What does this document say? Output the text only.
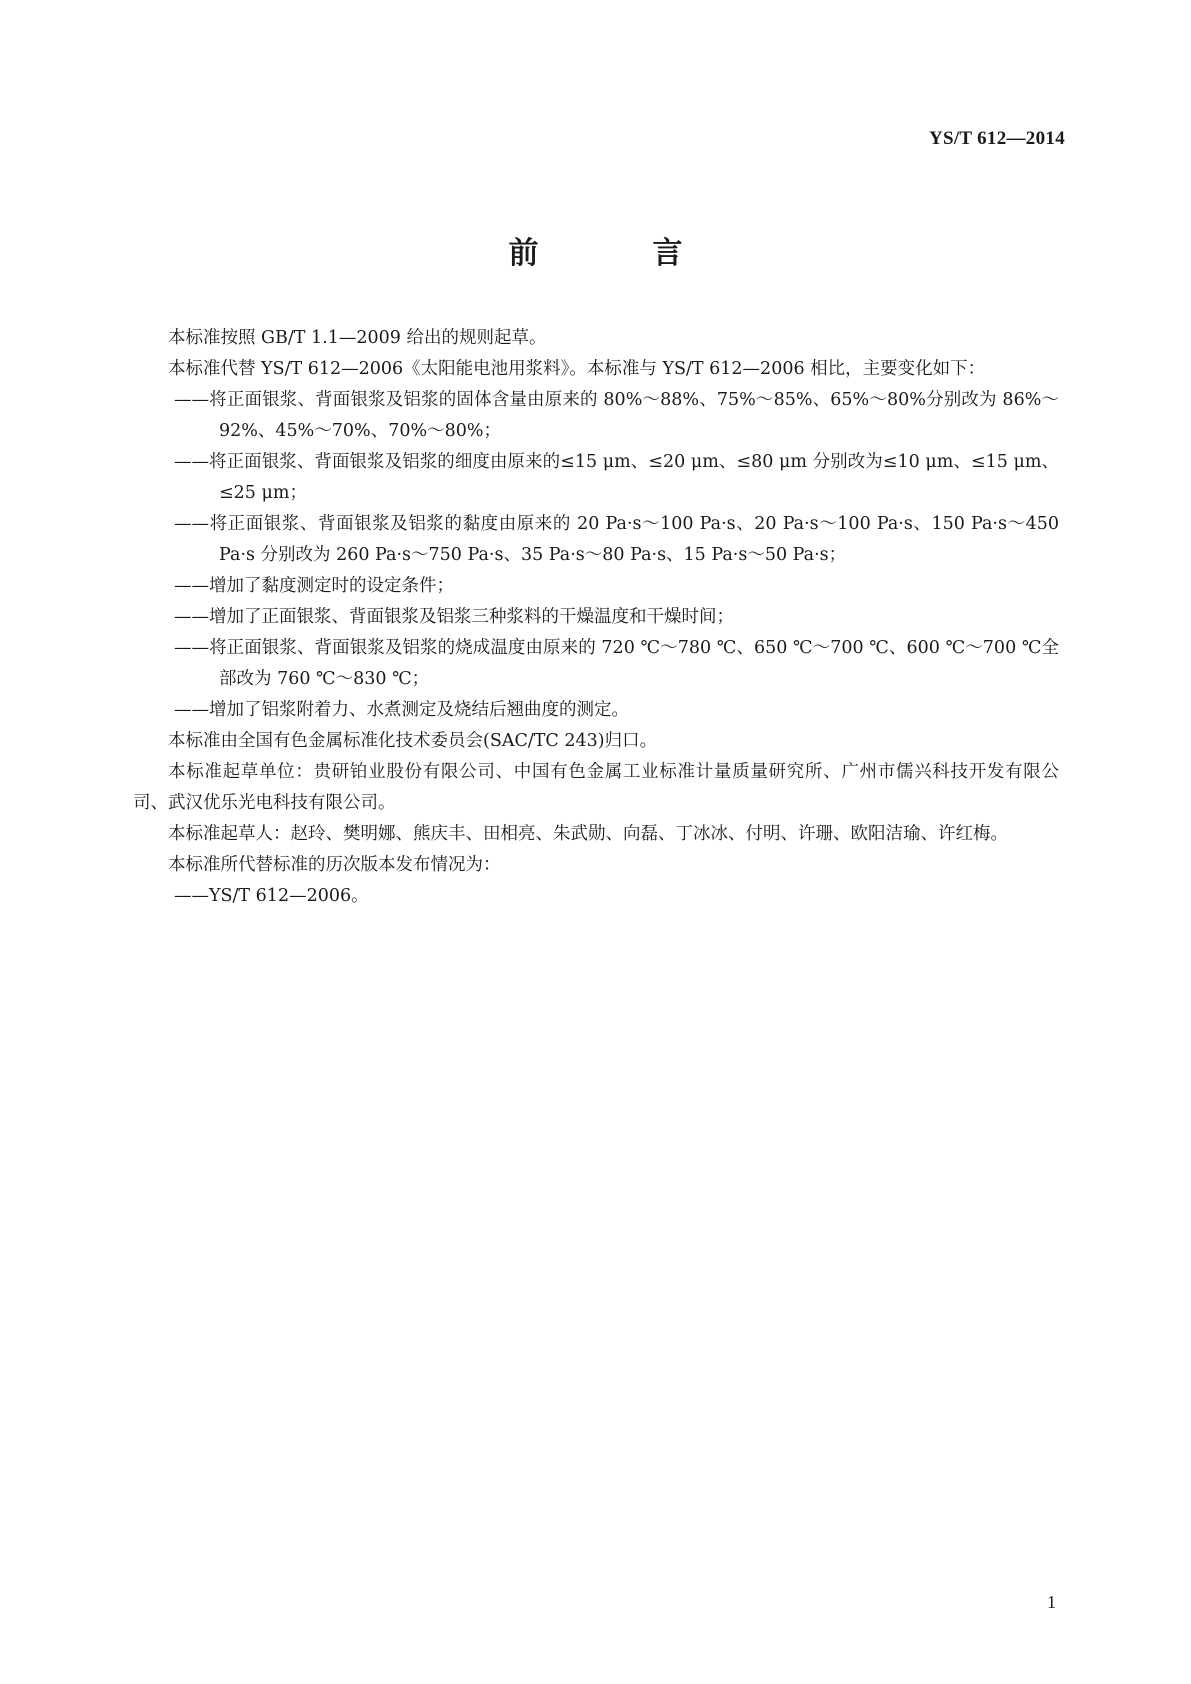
YS/T 612—2014
前　言

本标准按照 GB/T 1.1—2009 给出的规则起草。

本标准代替 YS/T 612—2006《太阳能电池用浆料》。本标准与 YS/T 612—2006 相比，主要变化如下：

——将正面银浆、背面银浆及铝浆的固体含量由原来的 80%～88%、75%～85%、65%～80%分别改为 86%～92%、45%～70%、70%～80%；

——将正面银浆、背面银浆及铝浆的细度由原来的≤15 μm、≤20 μm、≤80 μm 分别改为≤10 μm、≤15 μm、≤25 μm；

——将正面银浆、背面银浆及铝浆的黏度由原来的 20 Pa·s～100 Pa·s、20 Pa·s～100 Pa·s、150 Pa·s～450 Pa·s 分别改为 260 Pa·s～750 Pa·s、35 Pa·s～80 Pa·s、15 Pa·s～50 Pa·s；

——增加了黏度测定时的设定条件；

——增加了正面银浆、背面银浆及铝浆三种浆料的干燥温度和干燥时间；

——将正面银浆、背面银浆及铝浆的烧成温度由原来的 720 ℃～780 ℃、650 ℃～700 ℃、600 ℃～700 ℃全部改为 760 ℃～830 ℃；

——增加了铝浆附着力、水煮测定及烧结后翘曲度的测定。

本标准由全国有色金属标准化技术委员会(SAC/TC 243)归口。

本标准起草单位：贵研铂业股份有限公司、中国有色金属工业标准计量质量研究所、广州市儒兴科技开发有限公司、武汉优乐光电科技有限公司。

本标准起草人：赵玲、樊明娜、熊庆丰、田相亮、朱武勋、向磊、丁冰冰、付明、许珊、欧阳洁瑜、许红梅。

本标准所代替标准的历次版本发布情况为：

——YS/T 612—2006。

1
